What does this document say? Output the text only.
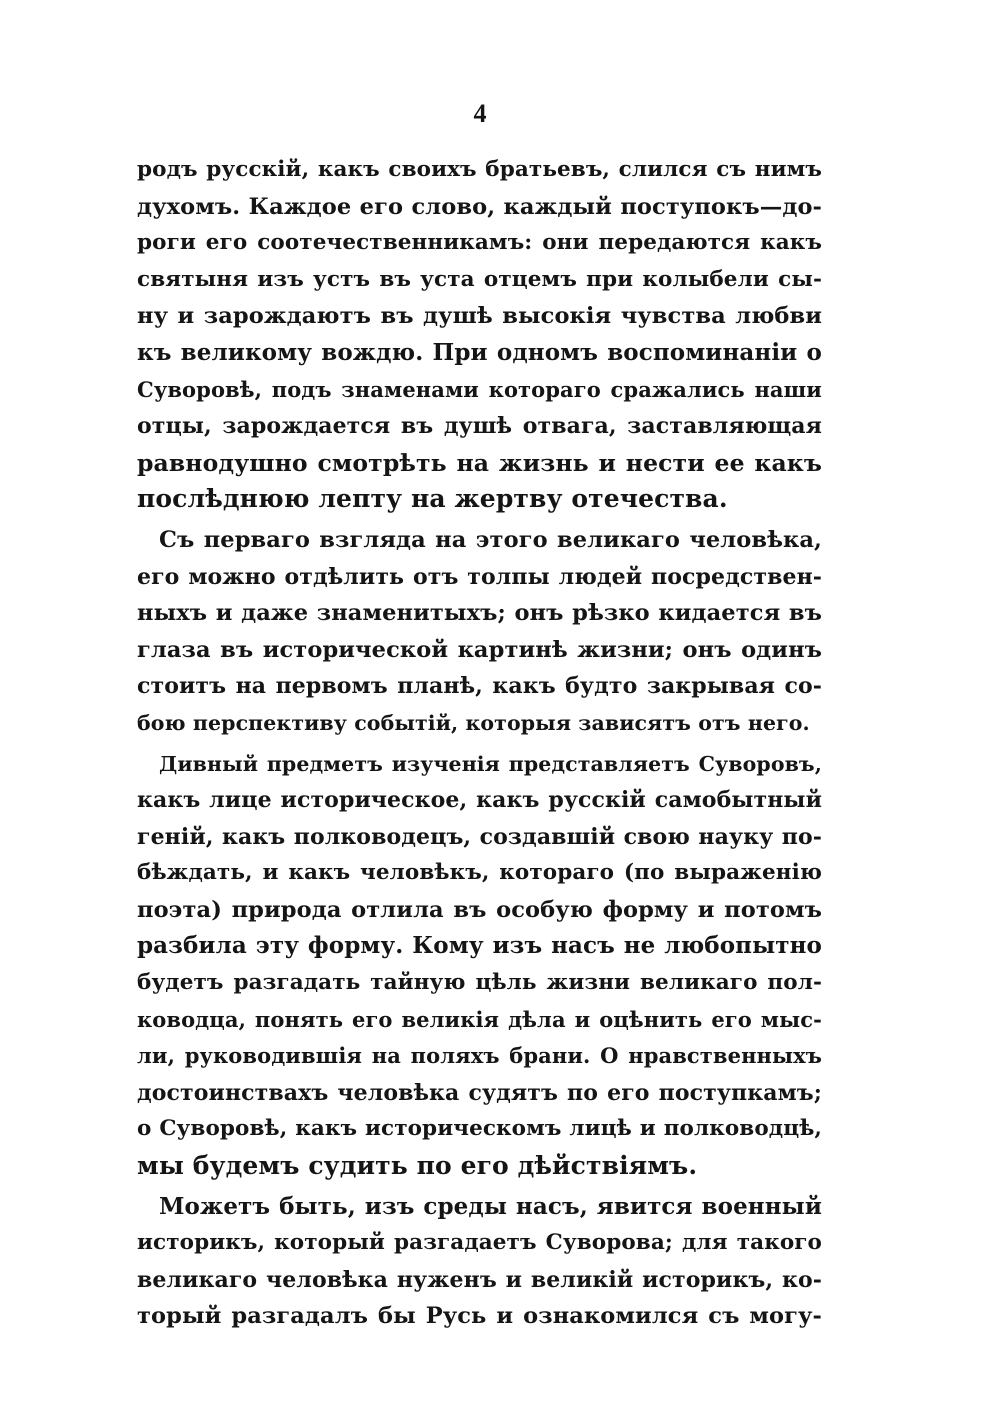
4
родъ русскій, какъ своихъ братьевъ, слился съ нимъ
духомъ. Каждое его слово, каждый поступокъ—до-
роги его соотечественникамъ: они передаются какъ
святыня изъ устъ въ уста отцемъ при колыбели сы-
ну и зарождаютъ въ душѣ высокія чувства любви
къ великому вождю. При одномъ воспоминаніи о
Суворовѣ, подъ знаменами котораго сражались наши
отцы, зарождается въ душѣ отвага, заставляющая
равнодушно смотрѣть на жизнь и нести ее какъ
послѣднюю лепту на жертву отечества.
Съ перваго взгляда на этого великаго человѣка,
его можно отдѣлить отъ толпы людей посредствен-
ныхъ и даже знаменитыхъ; онъ рѣзко кидается въ
глаза въ исторической картинѣ жизни; онъ одинъ
стоитъ на первомъ планѣ, какъ будто закрывая со-
бою перспективу событій, которыя зависятъ отъ него.
Дивный предметъ изученія представляетъ Суворовъ,
какъ лице историческое, какъ русскій самобытный
геній, какъ полководецъ, создавшій свою науку по-
бѣждать, и какъ человѣкъ, котораго (по выраженію
поэта) природа отлила въ особую форму и потомъ
разбила эту форму. Кому изъ насъ не любопытно
будетъ разгадать тайную цѣль жизни великаго пол-
ководца, понять его великія дѣла и оцѣнить его мыс-
ли, руководившія на поляхъ брани. О нравственныхъ
достоинствахъ человѣка судятъ по его поступкамъ;
о Суворовѣ, какъ историческомъ лицѣ и полководцѣ,
мы будемъ судить по его дѣйствіямъ.
Можетъ быть, изъ среды насъ, явится военный
историкъ, который разгадаетъ Суворова; для такого
великаго человѣка нуженъ и великій историкъ, ко-
торый разгадалъ бы Русь и ознакомился съ могу-
